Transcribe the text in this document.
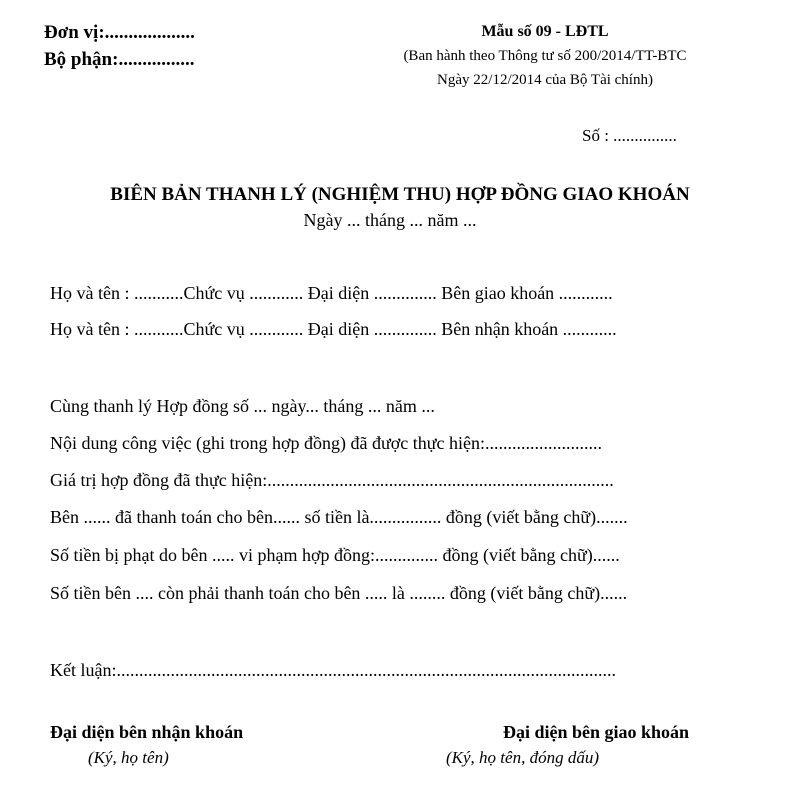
Đơn vị:...................
Bộ phận:................
Mẫu số 09 - LĐTL
(Ban hành theo Thông tư số 200/2014/TT-BTC
Ngày 22/12/2014 của Bộ Tài chính)
Số : ...............
BIÊN BẢN THANH LÝ (NGHIỆM THU) HỢP ĐỒNG GIAO KHOÁN
Ngày ... tháng ... năm ...
Họ và tên : ...........Chức vụ ............ Đại diện .............. Bên giao khoán ............
Họ và tên : ...........Chức vụ ............ Đại diện .............. Bên nhận khoán ............
Cùng thanh lý Hợp đồng số ... ngày... tháng ... năm ...
Nội dung công việc (ghi trong hợp đồng) đã được thực hiện:..........................
Giá trị hợp đồng đã thực hiện:.............................................................................
Bên ...... đã thanh toán cho bên...... số tiền là................ đồng (viết bằng chữ).......
Số tiền bị phạt do bên ..... vi phạm hợp đồng:.............. đồng (viết bằng chữ)......
Số tiền bên .... còn phải thanh toán cho bên ..... là ........ đồng (viết bằng chữ)......
Kết luận:...............................................................................................................
Đại diện bên nhận khoán
(Ký, họ tên)
Đại diện bên giao khoán
(Ký, họ tên, đóng dấu)
